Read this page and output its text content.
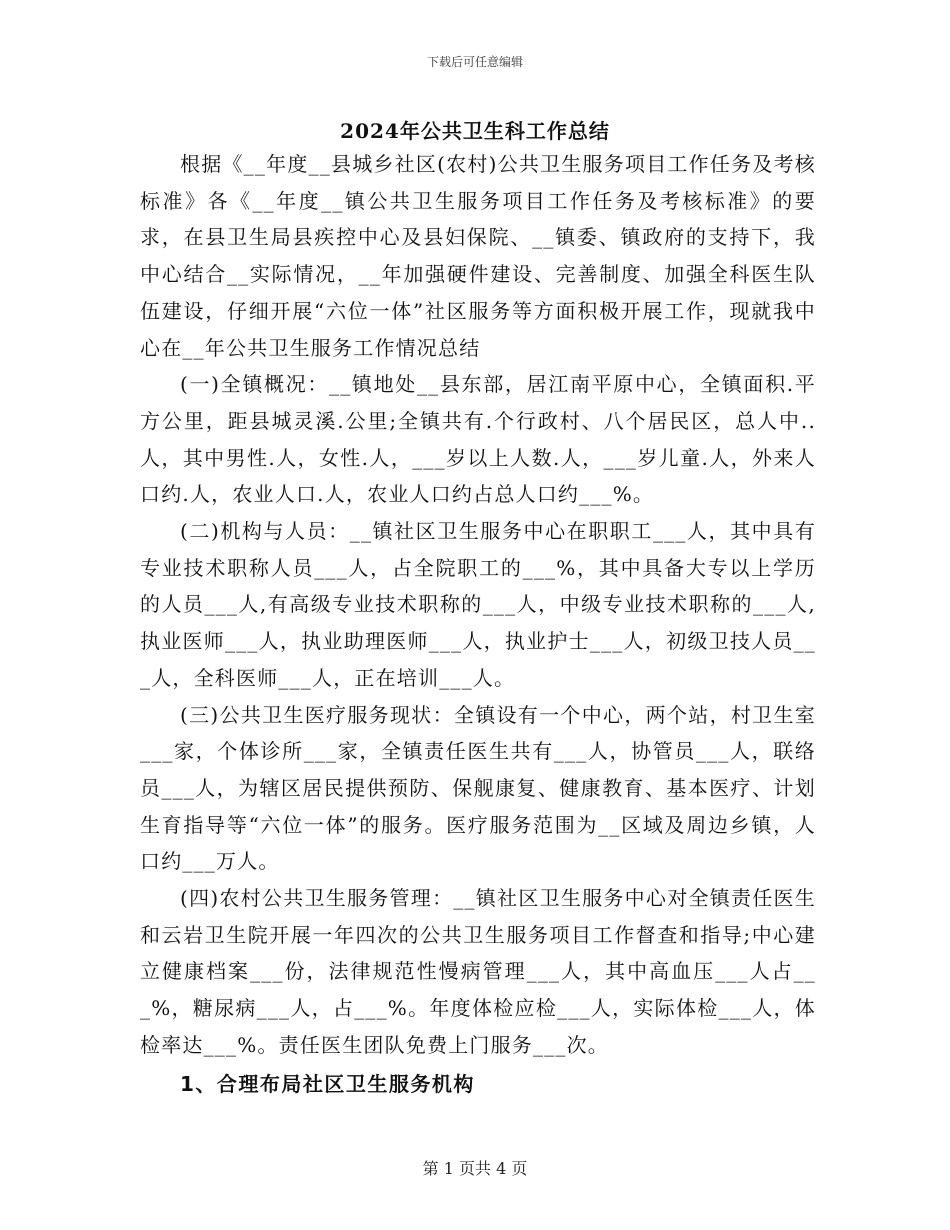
下载后可任意编辑
2024年公共卫生科工作总结

根据《__年度__县城乡社区(农村)公共卫生服务项目工作任务及考核标准》各《__年度__镇公共卫生服务项目工作任务及考核标准》的要求，在县卫生局县疾控中心及县妇保院、__镇委、镇政府的支持下，我中心结合__实际情况，__年加强硬件建设、完善制度、加强全科医生队伍建设，仔细开展“六位一体”社区服务等方面积极开展工作，现就我中心在__年公共卫生服务工作情况总结

(一)全镇概况：__镇地处__县东部，居江南平原中心，全镇面积.平方公里，距县城灵溪.公里;全镇共有.个行政村、八个居民区，总人中..人，其中男性.人，女性.人，___岁以上人数.人，___岁儿童.人，外来人口约.人，农业人口.人，农业人口约占总人口约___%。

(二)机构与人员：__镇社区卫生服务中心在职职工___人，其中具有专业技术职称人员___人，占全院职工的___%，其中具备大专以上学历的人员___人,有高级专业技术职称的___人，中级专业技术职称的___人,执业医师___人，执业助理医师___人，执业护士___人，初级卫技人员___人，全科医师___人，正在培训___人。

(三)公共卫生医疗服务现状：全镇设有一个中心，两个站，村卫生室___家，个体诊所___家，全镇责任医生共有___人，协管员___人，联络员___人，为辖区居民提供预防、保舰康复、健康教育、基本医疗、计划生育指导等“六位一体”的服务。医疗服务范围为__区域及周边乡镇，人口约___万人。

(四)农村公共卫生服务管理：__镇社区卫生服务中心对全镇责任医生和云岩卫生院开展一年四次的公共卫生服务项目工作督查和指导;中心建立健康档案___份，法律规范性慢病管理___人，其中高血压___人占___%，糖尿病___人，占___%。年度体检应检___人，实际体检___人，体检率达___%。责任医生团队免费上门服务___次。

1、合理布局社区卫生服务机构

第 1 页共 4 页
